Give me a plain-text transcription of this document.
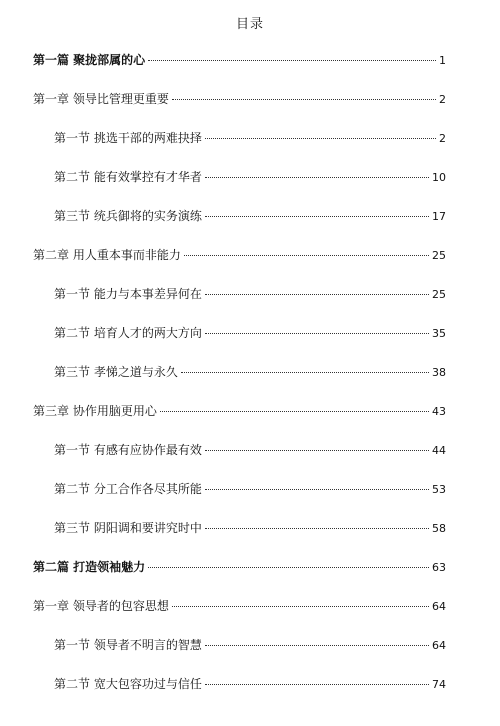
目录
第一篇 聚拢部属的心	1
第一章 领导比管理更重要	2
第一节 挑选干部的两难抉择	2
第二节 能有效掌控有才华者	10
第三节 统兵御将的实务演练	17
第二章 用人重本事而非能力	25
第一节 能力与本事差异何在	25
第二节 培育人才的两大方向	35
第三节 孝悌之道与永久	38
第三章 协作用脑更用心	43
第一节 有感有应协作最有效	44
第二节 分工合作各尽其所能	53
第三节 阴阳调和要讲究时中	58
第二篇 打造领袖魅力	63
第一章 领导者的包容思想	64
第一节 领导者不明言的智慧	64
第二节 宽大包容功过与信任	74
